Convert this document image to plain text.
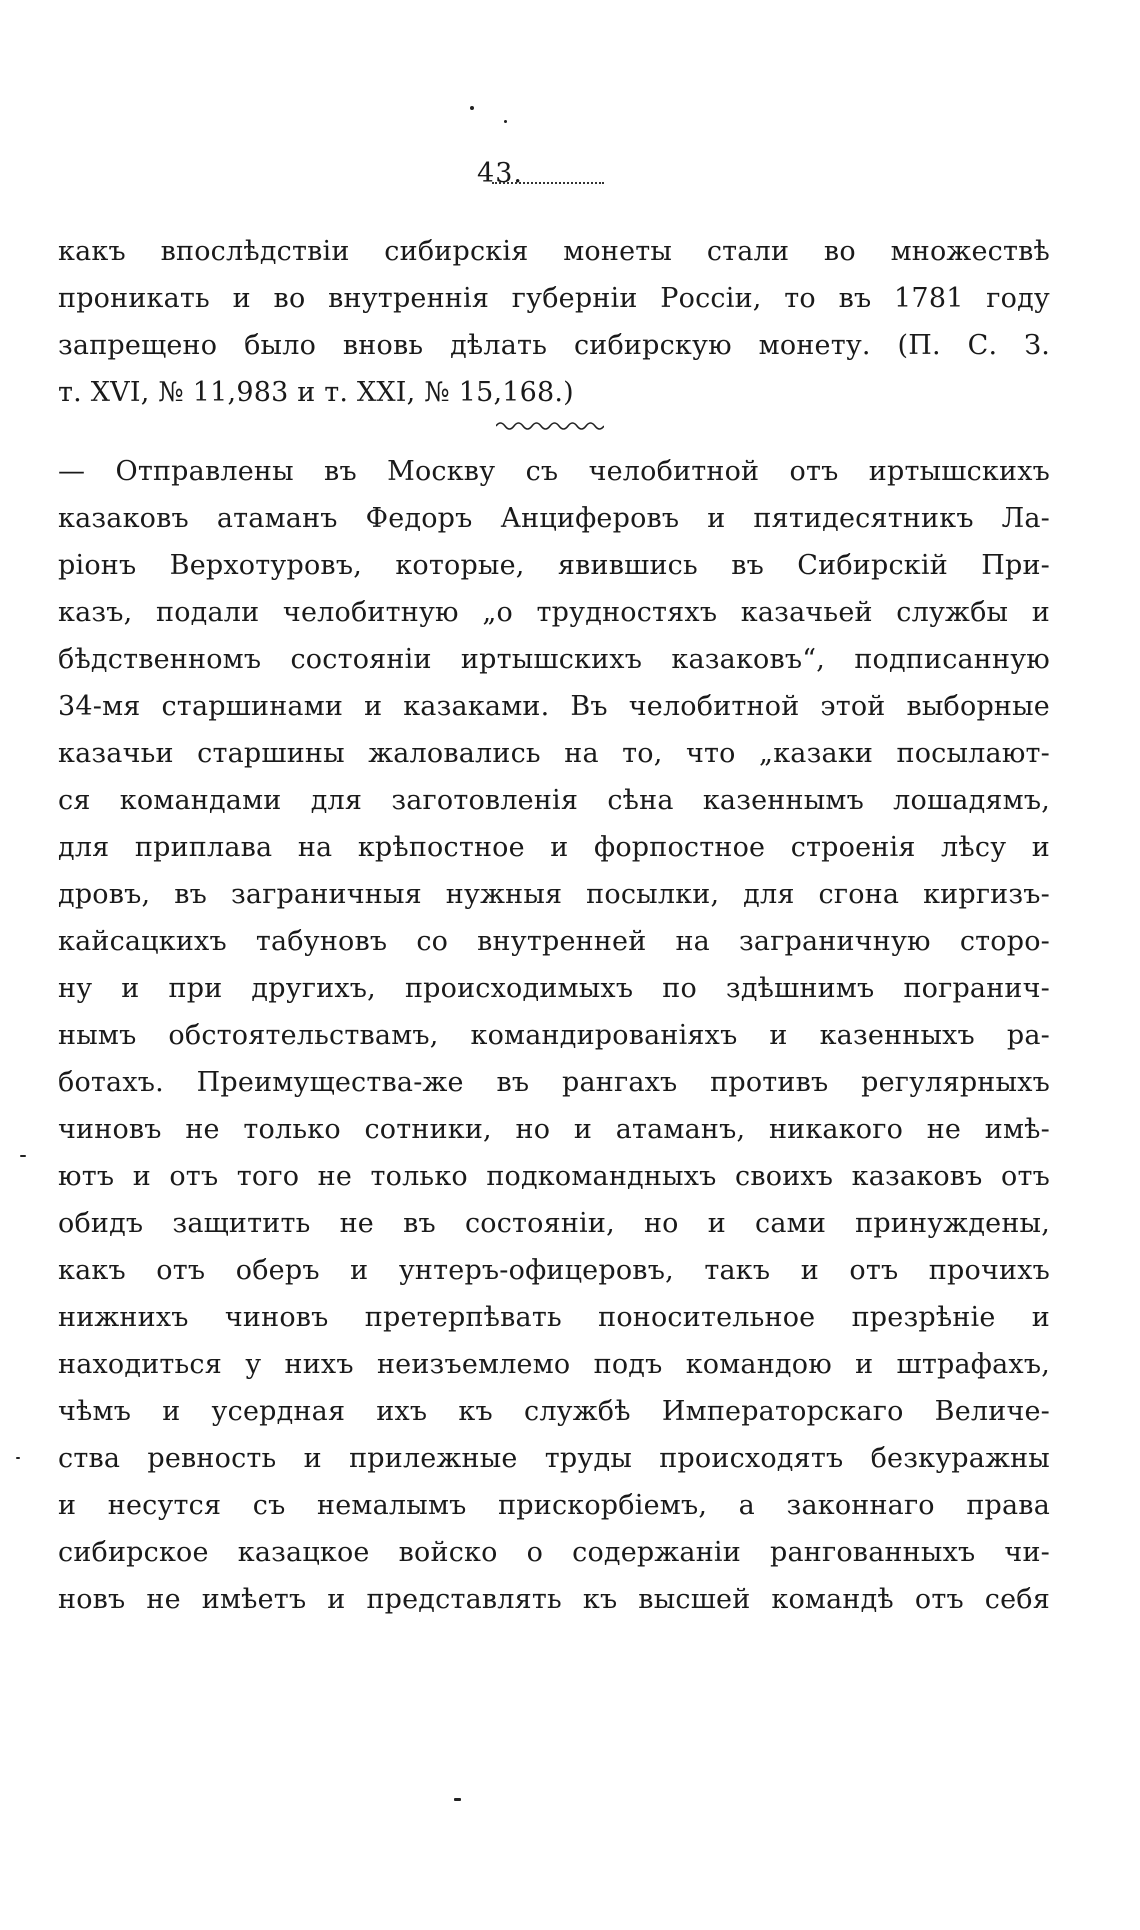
43.
какъ впослѣдствіи сибирскія монеты стали во множествѣ
проникать и во внутреннія губерніи Россіи, то въ 1781 году
запрещено было вновь дѣлать сибирскую монету. (П. С. З.
т. XVI, № 11,983 и т. XXI, № 15,168.)
— Отправлены въ Москву съ челобитной отъ иртышскихъ
казаковъ атаманъ Федоръ Анциферовъ и пятидесятникъ Ла-
ріонъ Верхотуровъ, которые, явившись въ Сибирскій При-
казъ, подали челобитную „о трудностяхъ казачьей службы и
бѣдственномъ состояніи иртышскихъ казаковъ“, подписанную
34-мя старшинами и казаками. Въ челобитной этой выборные
казачьи старшины жаловались на то, что „казаки посылают-
ся командами для заготовленія сѣна казеннымъ лошадямъ,
для приплава на крѣпостное и форпостное строенія лѣсу и
дровъ, въ заграничныя нужныя посылки, для сгона киргизъ-
кайсацкихъ табуновъ со внутренней на заграничную сторо-
ну и при другихъ, происходимыхъ по здѣшнимъ погранич-
нымъ обстоятельствамъ, командированіяхъ и казенныхъ ра-
ботахъ. Преимущества-же въ рангахъ противъ регулярныхъ
чиновъ не только сотники, но и атаманъ, никакого не имѣ-
ютъ и отъ того не только подкомандныхъ своихъ казаковъ отъ
обидъ защитить не въ состояніи, но и сами принуждены,
какъ отъ оберъ и унтеръ-офицеровъ, такъ и отъ прочихъ
нижнихъ чиновъ претерпѣвать поносительное презрѣніе и
находиться у нихъ неизъемлемо подъ командою и штрафахъ,
чѣмъ и усердная ихъ къ службѣ Императорскаго Величе-
ства ревность и прилежные труды происходятъ безкуражны
и несутся съ немалымъ прискорбіемъ, а законнаго права
сибирское казацкое войско о содержаніи рангованныхъ чи-
новъ не имѣетъ и представлять къ высшей командѣ отъ себя
